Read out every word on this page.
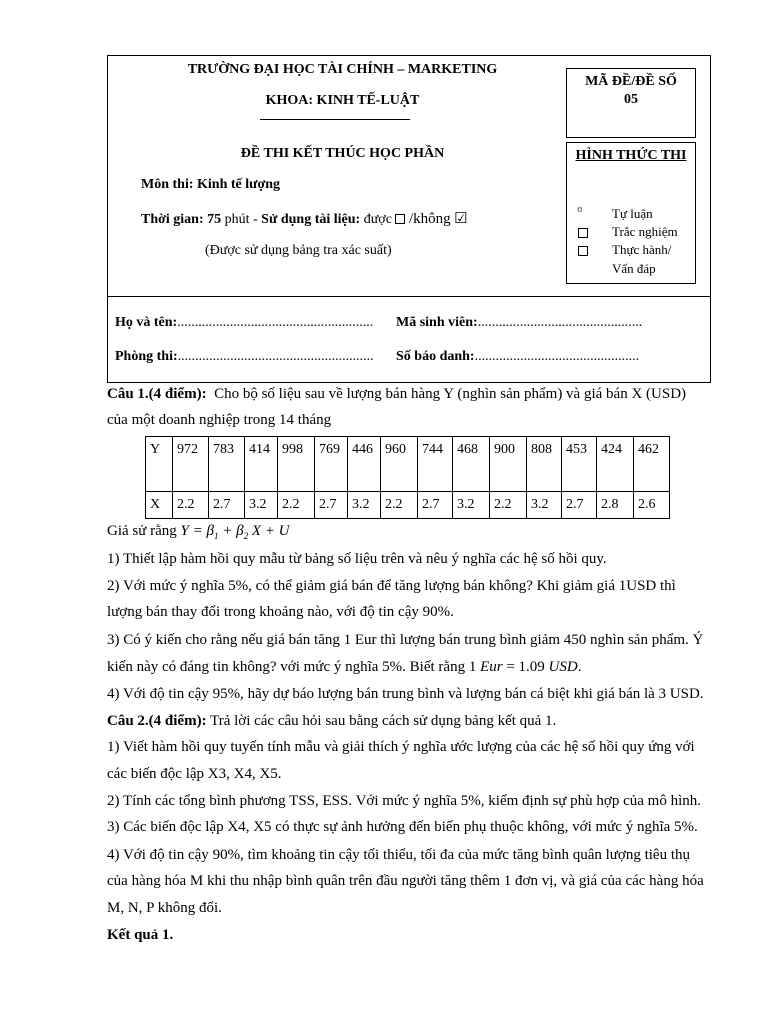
TRƯỜNG ĐẠI HỌC TÀI CHÍNH – MARKETING
KHOA: KINH TẾ-LUẬT
ĐỀ THI KẾT THÚC HỌC PHẦN
Môn thi: Kinh tế lượng
Thời gian: 75 phút - Sử dụng tài liệu: được /không ☑
(Được sử dụng bảng tra xác suất)
MÃ ĐỀ/ĐỀ SỐ
05
HÌNH THỨC THI
¤ Tự luận
Trắc nghiệm
Thực hành/
Vấn đáp
Họ và tên:........................................................ Mã sinh viên:...............................................
Phòng thi:........................................................ Số báo danh:...............................................
Câu 1.(4 điểm): Cho bộ số liệu sau về lượng bán hàng Y (nghìn sản phẩm) và giá bán X (USD)
của một doanh nghiệp trong 14 tháng
Y	972	783	414	998	769	446	960	744	468	900	808	453	424	462
X	2.2	2.7	3.2	2.2	2.7	3.2	2.2	2.7	3.2	2.2	3.2	2.7	2.8	2.6
Giả sử rằng $Y = \beta_1 + \beta_2$ X + U
1) Thiết lập hàm hồi quy mẫu từ bảng số liệu trên và nêu ý nghĩa các hệ số hồi quy.
2) Với mức ý nghĩa 5%, có thể giảm giá bán để tăng lượng bán không? Khi giảm giá 1USD thì
lượng bán thay đổi trong khoảng nào, với độ tin cậy 90%.
3) Có ý kiến cho rằng nếu giá bán tăng 1 Eur thì lượng bán trung bình giảm 450 nghìn sản phẩm. Ý
kiến này có đáng tin không? với mức ý nghĩa 5%. Biết rằng 1 Eur = 1.09 USD.
4) Với độ tin cậy 95%, hãy dự báo lượng bán trung bình và lượng bán cá biệt khi giá bán là 3 USD.
Câu 2.(4 điểm): Trả lời các câu hỏi sau bằng cách sử dụng bảng kết quả 1.
1) Viết hàm hồi quy tuyến tính mẫu và giải thích ý nghĩa ước lượng của các hệ số hồi quy ứng với
các biến độc lập X3, X4, X5.
2) Tính các tổng bình phương TSS, ESS. Với mức ý nghĩa 5%, kiểm định sự phù hợp của mô hình.
3) Các biến độc lập X4, X5 có thực sự ảnh hưởng đến biến phụ thuộc không, với mức ý nghĩa 5%.
4) Với độ tin cậy 90%, tìm khoảng tin cậy tối thiểu, tối đa của mức tăng bình quân lượng tiêu thụ
của hàng hóa M khi thu nhập bình quân trên đầu người tăng thêm 1 đơn vị, và giá của các hàng hóa
M, N, P không đổi.
Kết quả 1.
